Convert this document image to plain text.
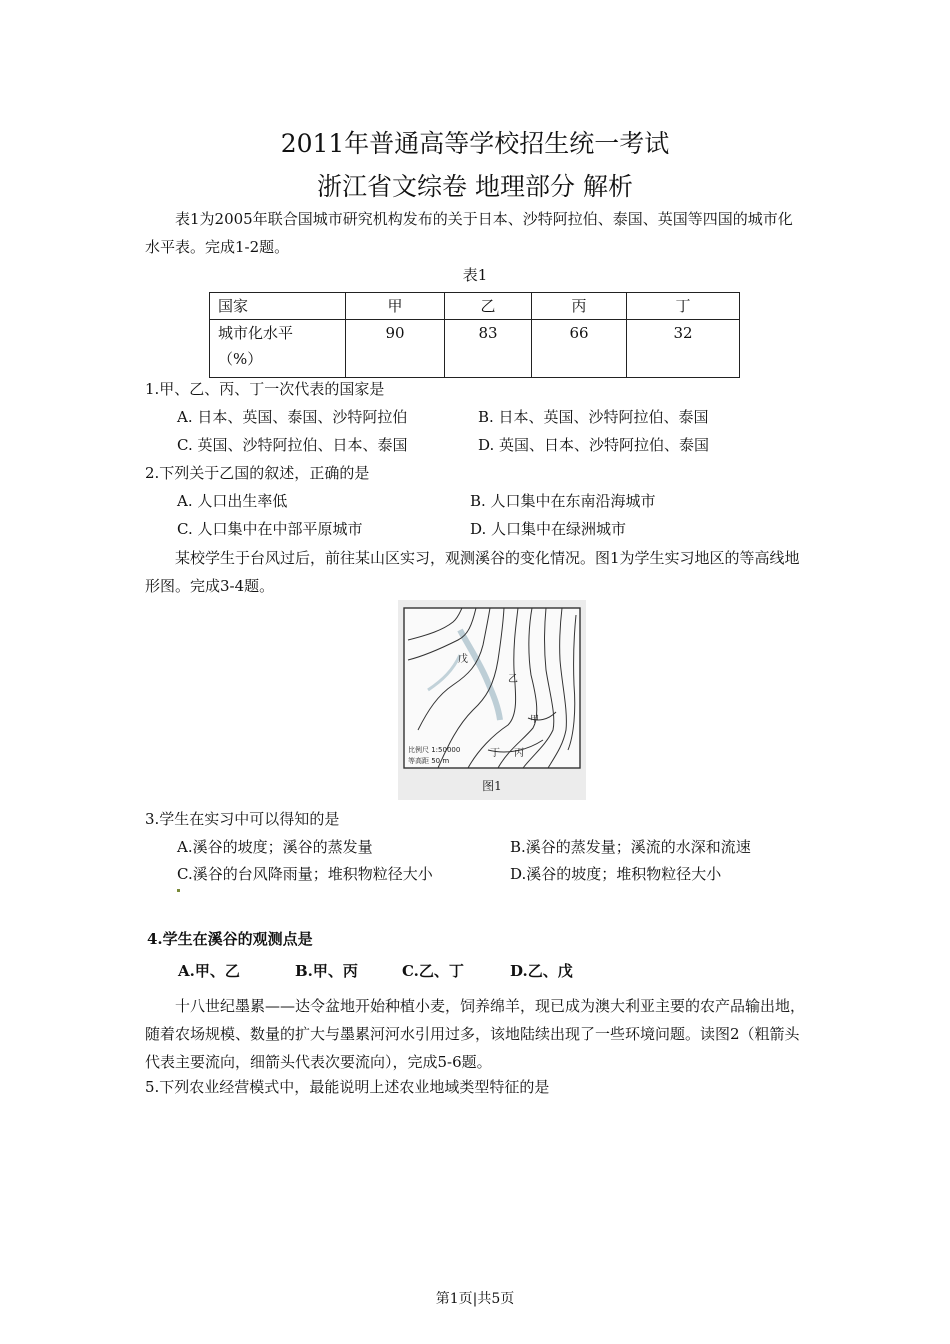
2011年普通高等学校招生统一考试
浙江省文综卷 地理部分 解析
表1为2005年联合国城市研究机构发布的关于日本、沙特阿拉伯、泰国、英国等四国的城市化水平表。完成1-2题。
表1
国家	甲	乙	丙	丁

城市化水平
（%）	90	83	66	32
1.甲、乙、丙、丁一次代表的国家是
A. 日本、英国、泰国、沙特阿拉伯	B. 日本、英国、沙特阿拉伯、泰国
C. 英国、沙特阿拉伯、日本、泰国	D. 英国、日本、沙特阿拉伯、泰国
2.下列关于乙国的叙述，正确的是
A. 人口出生率低	B. 人口集中在东南沿海城市
C. 人口集中在中部平原城市	D. 人口集中在绿洲城市
某校学生于台风过后，前往某山区实习，观测溪谷的变化情况。图1为学生实习地区的等高线地形图。完成3-4题。
戊
乙
甲
丙
丁
比例尺 1:50000
等高距 50 m
图1
3.学生在实习中可以得知的是
A.溪谷的坡度；溪谷的蒸发量	B.溪谷的蒸发量；溪流的水深和流速
C.溪谷的台风降雨量；堆积物粒径大小	D.溪谷的坡度；堆积物粒径大小
4.学生在溪谷的观测点是
A.甲、乙	B.甲、丙	C.乙、丁	D.乙、戊
十八世纪墨累——达令盆地开始种植小麦，饲养绵羊，现已成为澳大利亚主要的农产品输出地，随着农场规模、数量的扩大与墨累河河水引用过多，该地陆续出现了一些环境问题。读图2（粗箭头代表主要流向，细箭头代表次要流向），完成5-6题。
5.下列农业经营模式中，最能说明上述农业地域类型特征的是
第1页|共5页
